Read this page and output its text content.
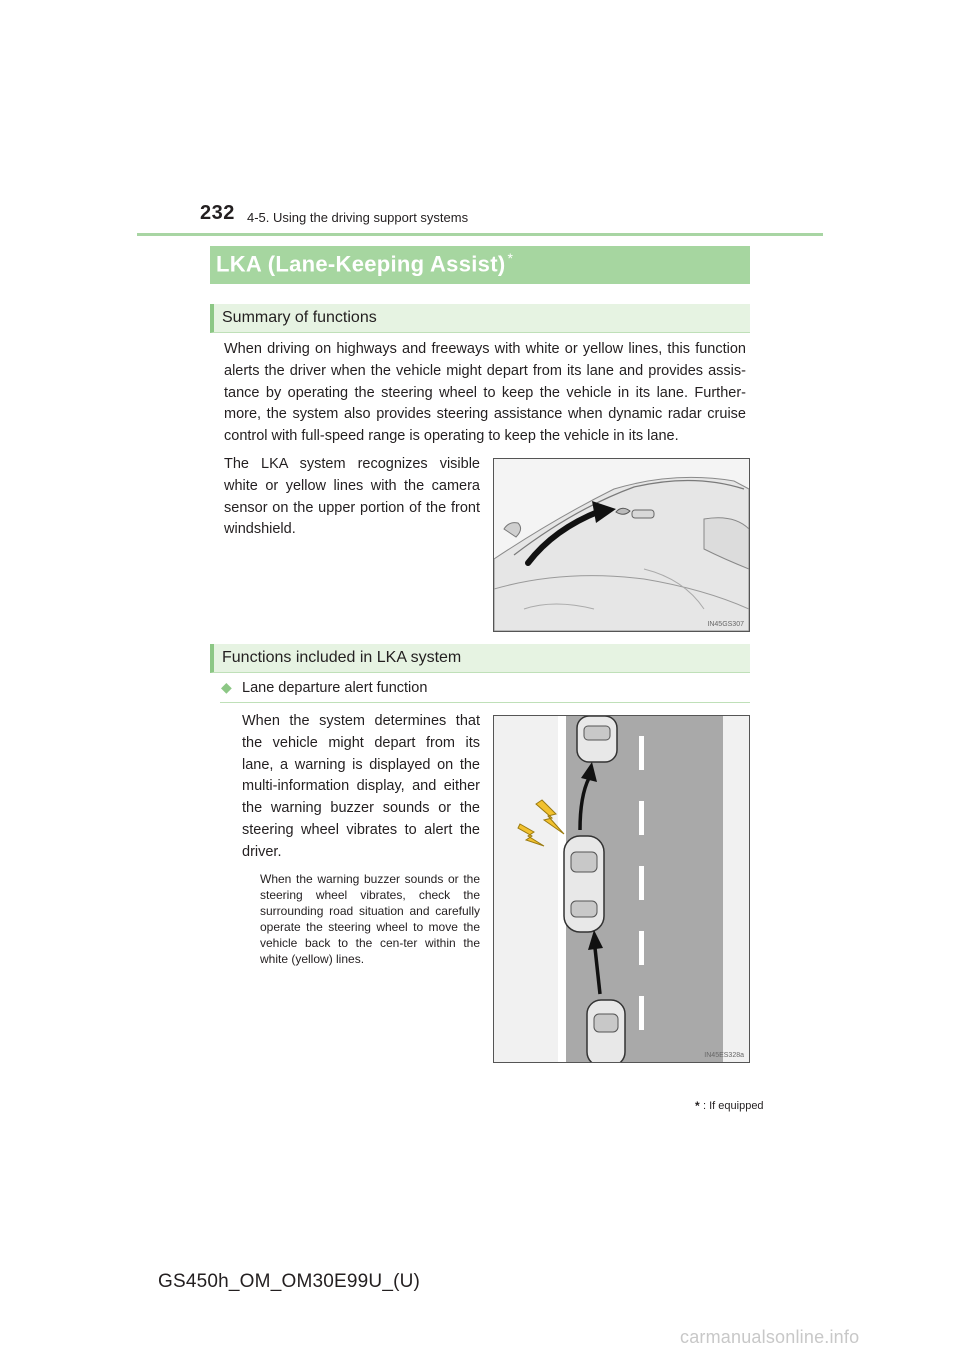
232 4-5. Using the driving support systems
LKA (Lane-Keeping Assist) *
Summary of functions
When driving on highways and freeways with white or yellow lines, this function alerts the driver when the vehicle might depart from its lane and provides assis-tance by operating the steering wheel to keep the vehicle in its lane. Further-more, the system also provides steering assistance when dynamic radar cruise control with full-speed range is operating to keep the vehicle in its lane.
The LKA system recognizes visible white or yellow lines with the camera sensor on the upper portion of the front windshield.
IN45GS307
Functions included in LKA system
◆ Lane departure alert function
When the system determines that the vehicle might depart from its lane, a warning is displayed on the multi-information display, and either the warning buzzer sounds or the steering wheel vibrates to alert the driver.
When the warning buzzer sounds or the steering wheel vibrates, check the surrounding road situation and carefully operate the steering wheel to move the vehicle back to the cen-ter within the white (yellow) lines.
IN45ES328a
* : If equipped
GS450h_OM_OM30E99U_(U)
carmanualsonline.info
